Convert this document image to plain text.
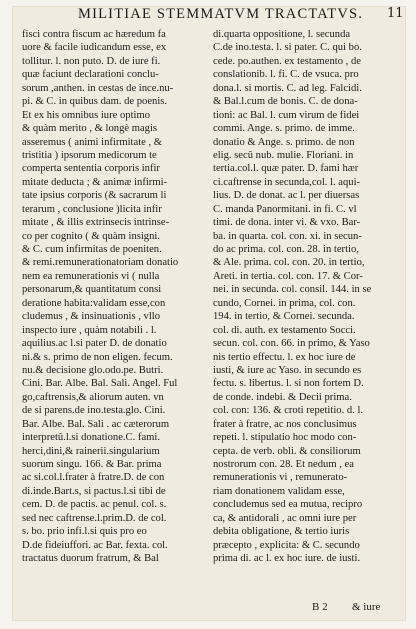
MILITIAE STEMMATVM TRACTATVS.	11
fisci contra fiscum ac hæredum fa
uore & facile iudicandum esse, ex
tollitur. l. non puto. D. de iure fi.
quæ faciunt declarationi conclu-
sorum ,anthen. in cestas de ince.nu-
pi. & C. in quibus dam. de poenis.
Et ex his omnibus iure optimo
& quàm merito , & longè magis
asseremus ( animi infirmitate , &
tristitia ) ipsorum medicorum te
comperta sententia corporis infir
mitate deducta ; & animæ infirmi-
tate ipsius corporis (& sacrarum li
terarum , conclusione )licita infir
mitate , & illis extrinsecis intrinse-
co per cognito ( & quàm insigni.
& C. cum infirmitas de poeniten.
& remi.remunerationatoriam donatio
nem ea remunerationis vi ( nulla
personarum,& quantitatum consi
deratione habita:validam esse,con
cludemus , & insinuationis , vllo
inspecto iure , quàm notabili . l.
aquilius.ac l.si pater D. de donatio
ni.& s. primo de non eligen. fecum.
nu.& decisione glo.odo.pe. Butri.
Cini. Bar. Albe. Bal. Sali. Angel. Ful
go,caftrensis,& aliorum auten. vn
de si parens.de ino.testa.glo. Cini.
Bar. Albe. Bal. Sali . ac cæterorum
interpretû.l.si donatione.C. fami.
herci,dini,& rainerii.singularium
suorum singu. 166. & Bar. prima
ac si.col.l.frater à fratre.D. de con
di.inde.Bart.s, si pactus.l.si tibi de
cem. D. de pactis. ac penul. col. s.
sed nec caftrense.l.prim.D. de col.
s. bo. prio infi.l.si quis pro eo
D.de fideiuffori. ac Bar. fexta. col.
tractatus duorum fratrum, & Bal
di.quarta oppositione, l. secunda
C.de ino.testa. l. si pater. C. qui bo.
cede. po.authen. ex testamento , de
conslationib. l. fi. C. de vsuca. pro
dona.l. si mortis. C. ad leg. Falcidi.
& Bal.l.cum de bonis. C. de dona-
tioni: ac Bal. l. cum virum de fidei
commi. Ange. s. primo. de imme.
donatio & Ange. s. primo. de non
elig. secû nub. mulie. Floriani. in
tertia.col.l. quæ pater. D. fami hær
ci.caftrense in secunda,col. l. aqui-
lius. D. de donat. ac l. per diuersas
C. manda Panormitani. in fi. C. vl
timi. de dona. inter vi. & vxo. Bar-
ba. in quarta. col. con. xi. in secun-
do ac prima. col. con. 28. in tertio,
& Ale. prima. col. con. 20. in tertio,
Areti. in tertia. col. con. 17. & Cor-
nei. in secunda. col. consil. 144. in se
cundo, Cornei. in prima, col. con.
194. in tertio, & Cornei. secunda.
col. di. auth. ex testamento Socci.
secun. col. con. 66. in primo, & Yaso
nis tertio effectu. l. ex hoc iure de
iusti, & iure ac Yaso. in secundo es
fectu. s. libertus. l. si non fortem D.
de conde. indebi. & Decii prima.
col. con: 136. & croti repetitio. d. l.
frater à fratre, ac nos conclusimus
repeti. l. stipulatio hoc modo con-
cepta. de verb. obli. & consiliorum
nostrorum con. 28. Et nedum , ea
remunerationis vi , remunerato-
riam donationem validam esse,
concludemus sed ea mutua, recipro
ca, & antidorali , ac omni iure per
debita obligatione, & tertio iuris
præcepto , explicita: & C. secundo
prima di. ac l. ex hoc iure. de iusti.
B 2 & iure
